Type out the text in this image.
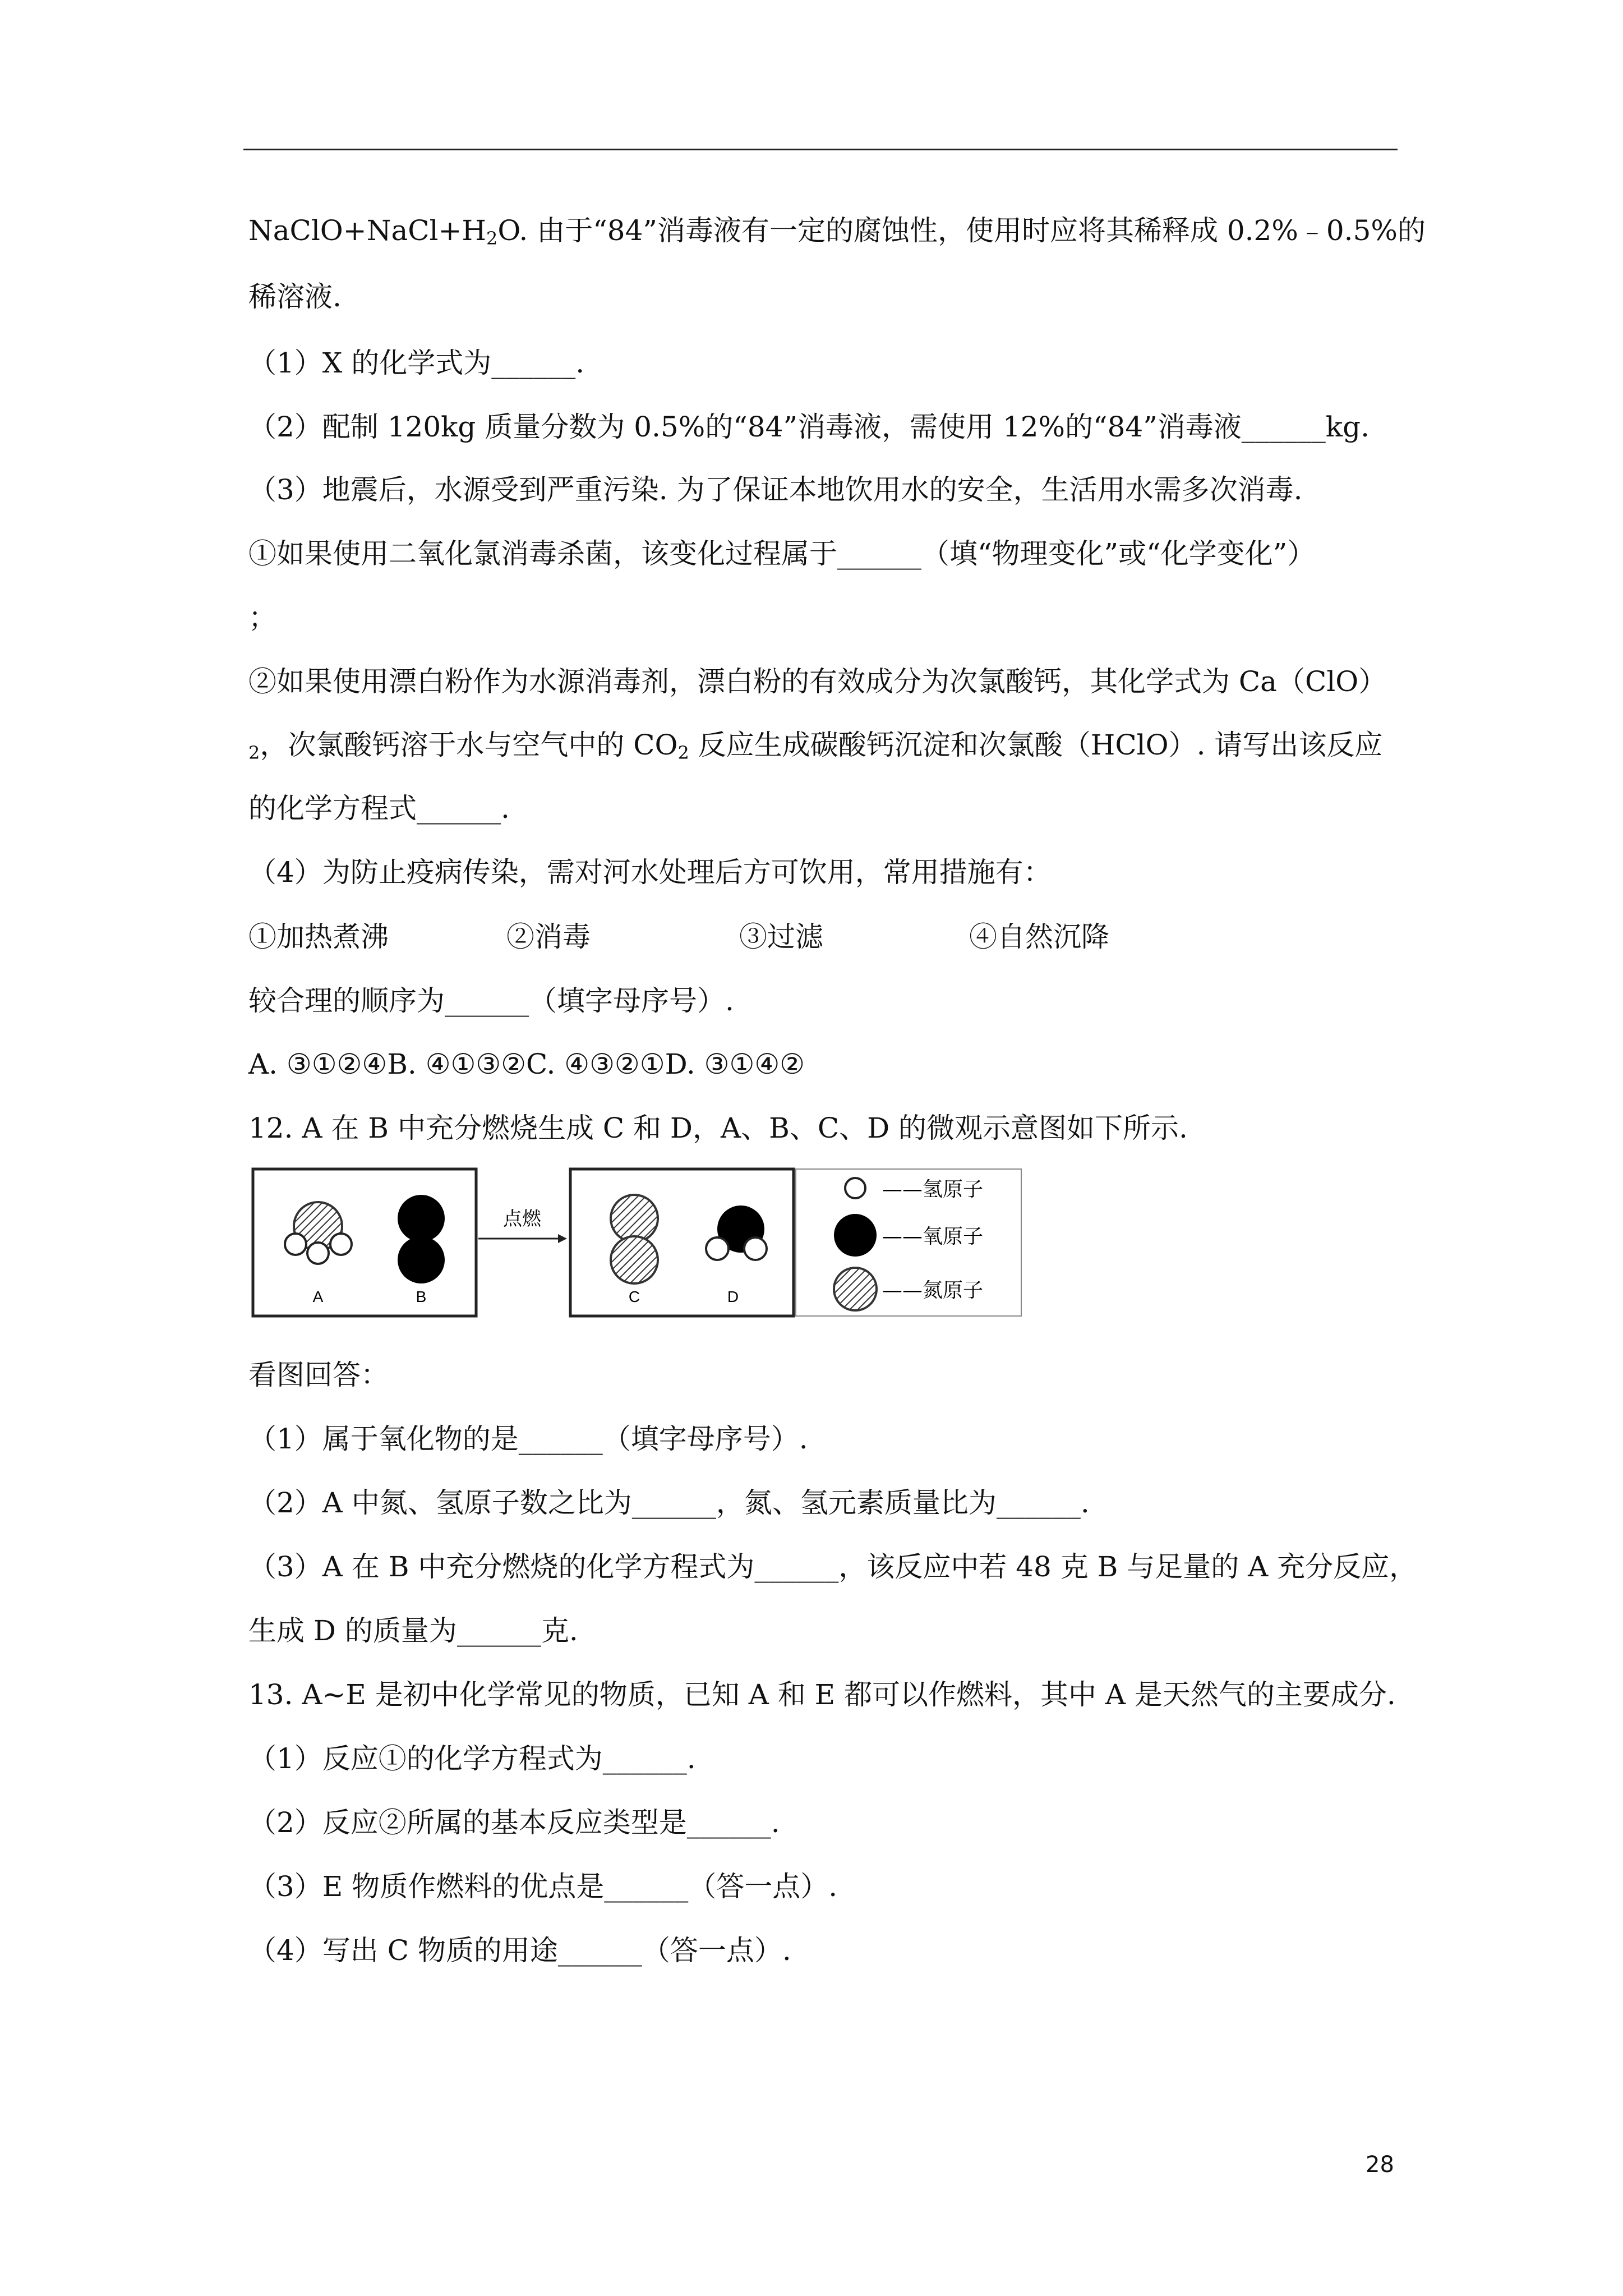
$NaClO+NaCl+H_2O$. 由于“84”消毒液有一定的腐蚀性，使用时应将其稀释成 0.2%﹣0.5%的
稀溶液.
（1）X 的化学式为______.
（2）配制 120kg 质量分数为 0.5%的“84”消毒液，需使用 12%的“84”消毒液______kg.
（3）地震后，水源受到严重污染. 为了保证本地饮用水的安全，生活用水需多次消毒.
①如果使用二氧化氯消毒杀菌，该变化过程属于______（填“物理变化”或“化学变化”）
；
②如果使用漂白粉作为水源消毒剂，漂白粉的有效成分为次氯酸钙，其化学式为 Ca（ClO）
$_2$，次氯酸钙溶于水与空气中的 $CO_2$ 反应生成碳酸钙沉淀和次氯酸（HClO）. 请写出该反应
的化学方程式______.
（4）为防止疫病传染，需对河水处理后方可饮用，常用措施有：
①加热煮沸	②消毒	③过滤	④自然沉降
较合理的顺序为______（填字母序号）.
A. ③①②④B. ④①③②C. ④③②①D. ③①④②
12. A 在 B 中充分燃烧生成 C 和 D，A、B、C、D 的微观示意图如下所示.
A	B
点燃
C	D
——氢原子
——氧原子
——氮原子
看图回答：
（1）属于氧化物的是______（填字母序号）.
（2）A 中氮、氢原子数之比为______，氮、氢元素质量比为______.
（3）A 在 B 中充分燃烧的化学方程式为______，该反应中若 48 克 B 与足量的 A 充分反应，
生成 D 的质量为______克.
13. A~E 是初中化学常见的物质，已知 A 和 E 都可以作燃料，其中 A 是天然气的主要成分.
（1）反应①的化学方程式为______.
（2）反应②所属的基本反应类型是______.
（3）E 物质作燃料的优点是______（答一点）.
（4）写出 C 物质的用途______（答一点）.
28
